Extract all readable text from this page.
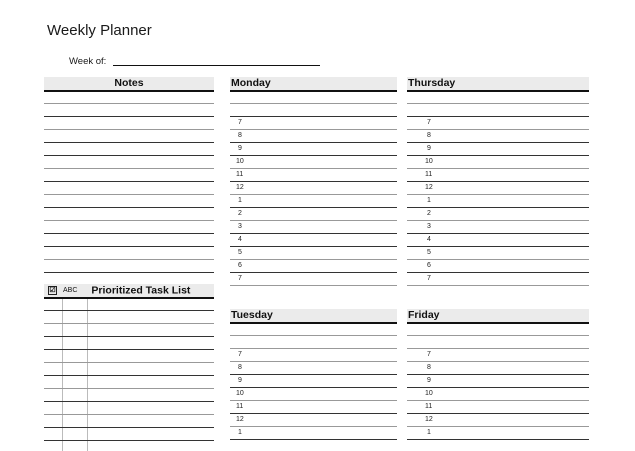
Weekly Planner
Week of:
Notes
☑ ABC Prioritized Task List
Monday
7
8
9
10
11
12
1
2
3
4
5
6
7
Thursday
7
8
9
10
11
12
1
2
3
4
5
6
7
Tuesday
7
8
9
10
11
12
1
Friday
7
8
9
10
11
12
1
